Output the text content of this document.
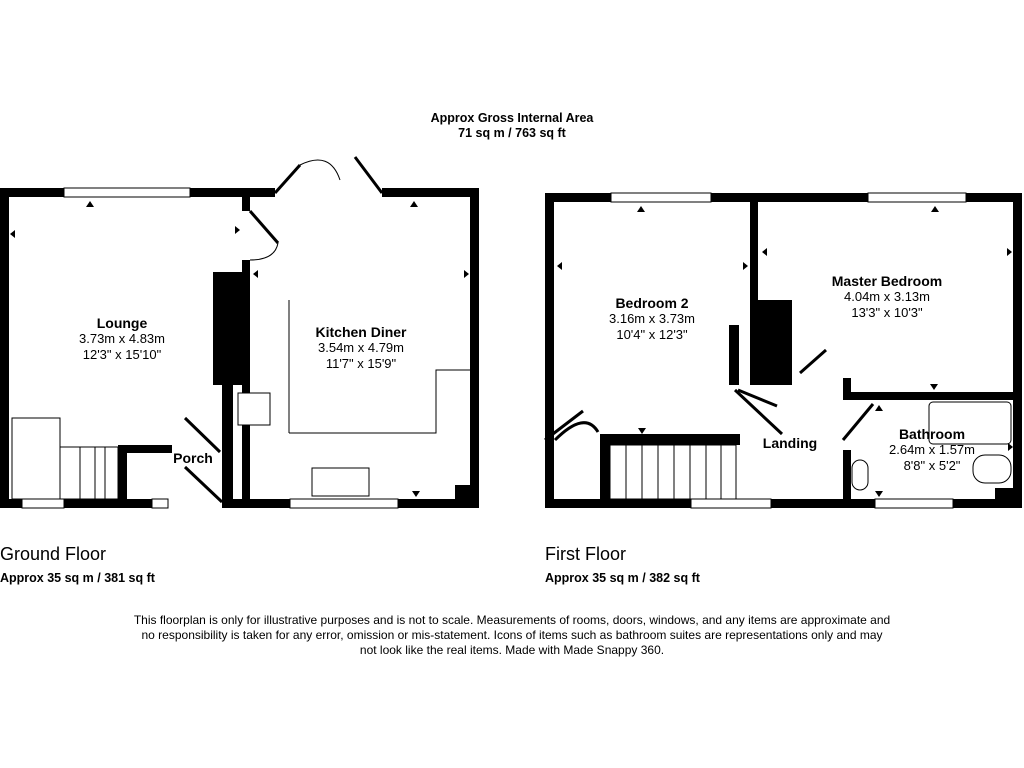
Approx Gross Internal Area
71 sq m / 763 sq ft
Lounge
3.73m x 4.83m
12'3" x 15'10"
Kitchen Diner
3.54m x 4.79m
11'7" x 15'9"
Porch
Bedroom 2
3.16m x 3.73m
10'4" x 12'3"
Master Bedroom
4.04m x 3.13m
13'3" x 10'3"
Landing
Bathroom
2.64m x 1.57m
8'8" x 5'2"
Ground Floor
Approx 35 sq m / 381 sq ft
First Floor
Approx 35 sq m / 382 sq ft
This floorplan is only for illustrative purposes and is not to scale. Measurements of rooms, doors, windows, and any items are approximate and no responsibility is taken for any error, omission or mis-statement. Icons of items such as bathroom suites are representations only and may not look like the real items. Made with Made Snappy 360.
